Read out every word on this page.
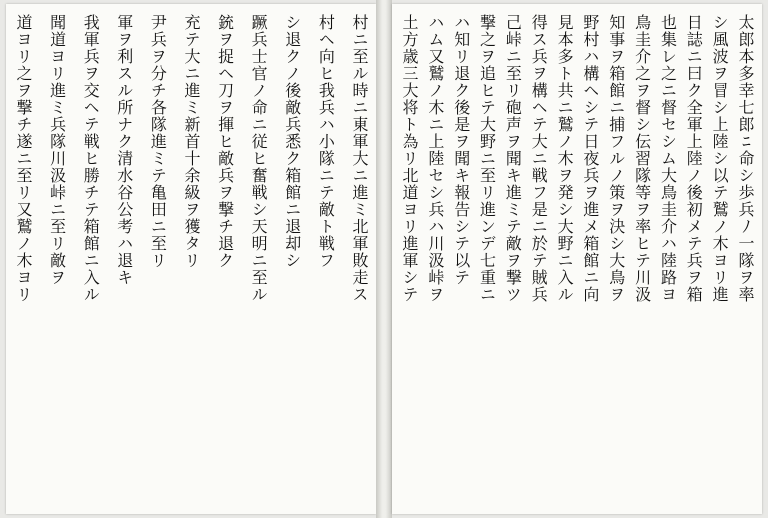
村ニ至ル時ニ東軍大ニ進ミ北軍敗走ス
村ヘ向ヒ我兵ハ小隊ニテ敵ト戦フ
シ退クノ後敵兵悉ク箱館ニ退却シ
蹶兵士官ノ命ニ従ヒ奮戦シ天明ニ至ル
銃ヲ捉ヘ刀ヲ揮ヒ敵兵ヲ撃チ退ク
充テ大ニ進ミ新首十余級ヲ獲タリ
尹兵ヲ分チ各隊進ミテ亀田ニ至リ
軍ヲ利スル所ナク清水谷公考ハ退キ
我軍兵ヲ交ヘテ戦ヒ勝チテ箱館ニ入ル
聞道ヨリ進ミ兵隊川汲峠ニ至リ敵ヲ
道ヨリ之ヲ撃チ遂ニ至リ又鷲ノ木ヨリ	太郎本多幸七郎ﾆ命シ歩兵ﾉ一隊ヲ率
シ風波ヲ冒シ上陸シ以テ鷲ノ木ヨリ進
日誌ニ曰ク全軍上陸ノ後初メテ兵ヲ箱
也集レ之ニ督セシム大鳥圭介ハ陸路ヨ
鳥圭介之ヲ督シ伝習隊等ヲ率ヒテ川汲
知事ヲ箱館ニ捕フルノ策ヲ決シ大鳥ヲ
野村ハ構ヘシテ日夜兵ヲ進メ箱館ニ向
見本多ト共ニ鷲ノ木ヲ発シ大野ニ入ル
得ス兵ヲ構ヘテ大ニ戦フ是ニ於テ賊兵
己峠ニ至リ砲声ヲ聞キ進ミテ敵ヲ撃ツ
撃之ヲ追ヒテ大野ニ至リ進ンデ七重ニ
ハ知リ退ク後是ヲ聞キ報告シテ以テ
ハム又鷲ノ木ニ上陸セシ兵ハ川汲峠ヲ
土方歳三大将ト為リ北道ヨリ進軍シテ
